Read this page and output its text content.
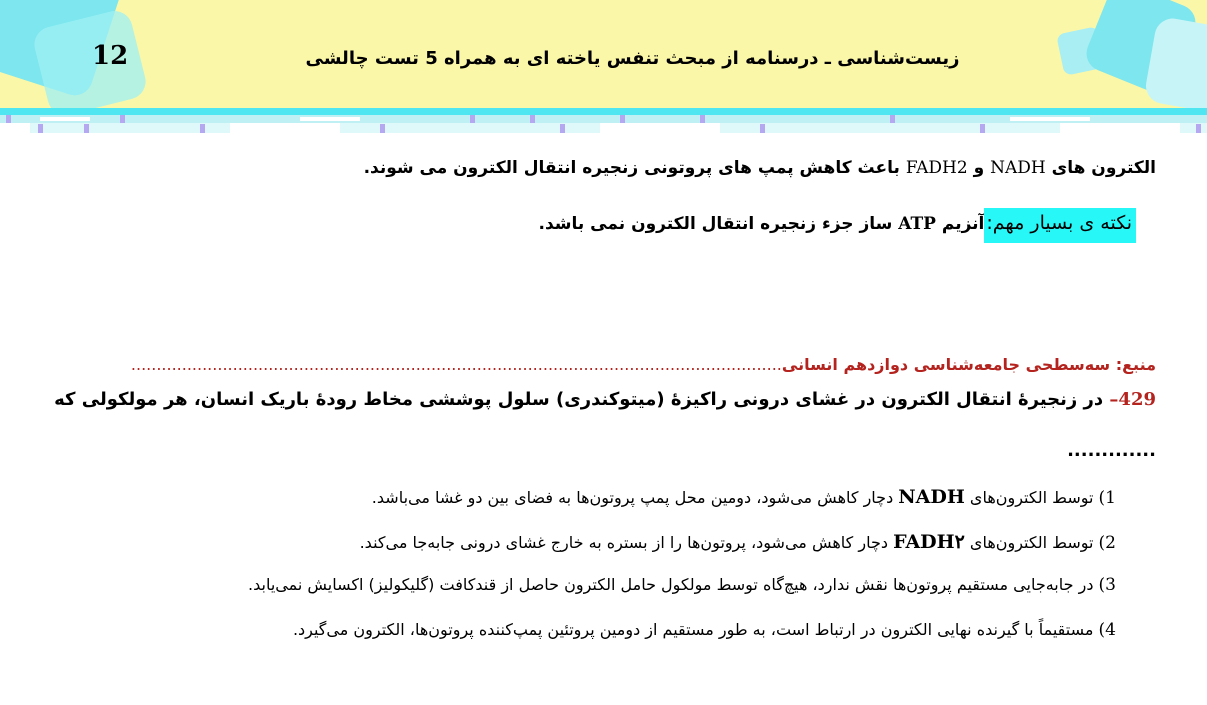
12	زیست‌شناسی ـ درسنامه از مبحث تنفس یاخته ای به همراه 5 تست چالشی
الکترون های NADH و FADH2 باعث کاهش پمپ های پروتونی زنجیره انتقال الکترون می شوند.
نکته ی بسیار مهم:آنزیم ATP ساز جزء زنجیره انتقال الکترون نمی باشد.
منبع: سه‌سطحی جامعه‌شناسی دوازدهم انسانی................................................................................................................................
429– در زنجیرۀ انتقال الکترون در غشای درونی راکیزۀ (میتوکندری) سلول پوششی مخاط رودۀ باریک انسان، هر مولکولی که
.............
1) توسط الکترون‌های NADH دچار کاهش می‌شود، دومین محل پمپ پروتون‌ها به فضای بین دو غشا می‌باشد.
2) توسط الکترون‌های FADH۲ دچار کاهش می‌شود، پروتون‌ها را از بستره به خارج غشای درونی جابه‌جا می‌کند.
3) در جابه‌جایی مستقیم پروتون‌ها نقش ندارد، هیچ‌گاه توسط مولکول حامل الکترون حاصل از قندکافت (گلیکولیز) اکسایش نمی‌یابد.
4) مستقیماً با گیرنده نهایی الکترون در ارتباط است، به طور مستقیم از دومین پروتئین پمپ‌کننده پروتون‌ها، الکترون می‌گیرد.
